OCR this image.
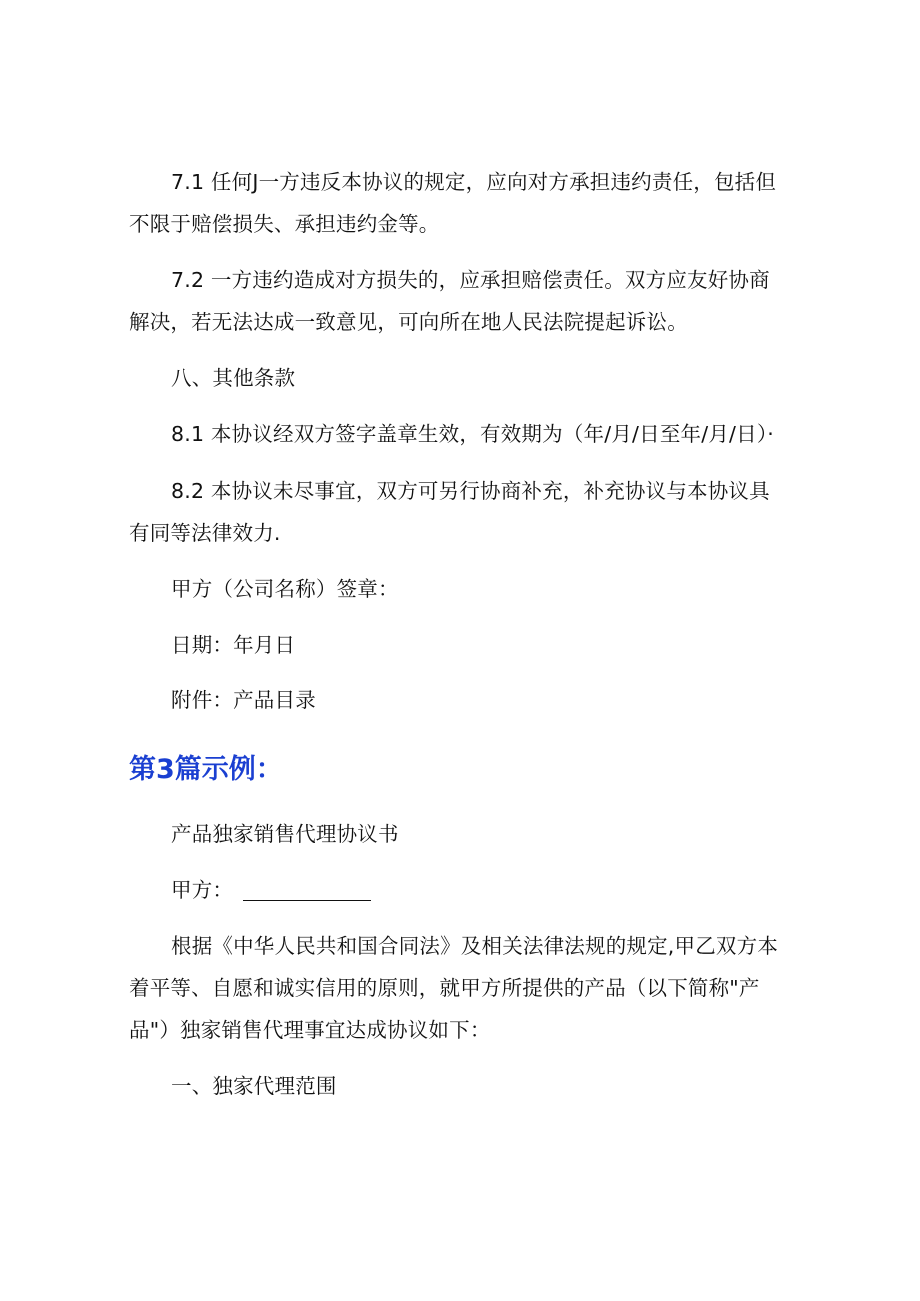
7.1 任何J一方违反本协议的规定，应向对方承担违约责任，包括但不限于赔偿损失、承担违约金等。

7.2 一方违约造成对方损失的，应承担赔偿责任。双方应友好协商解决，若无法达成一致意见，可向所在地人民法院提起诉讼。

八、其他条款

8.1 本协议经双方签字盖章生效，有效期为（年/月/日至年/月/日）·

8.2 本协议未尽事宜，双方可另行协商补充，补充协议与本协议具有同等法律效力.

甲方（公司名称）签章：

日期：年月日

附件：产品目录

第3篇示例：

产品独家销售代理协议书

甲方：

根据《中华人民共和国合同法》及相关法律法规的规定,甲乙双方本着平等、自愿和诚实信用的原则，就甲方所提供的产品（以下简称"产品"）独家销售代理事宜达成协议如下：

一、独家代理范围
